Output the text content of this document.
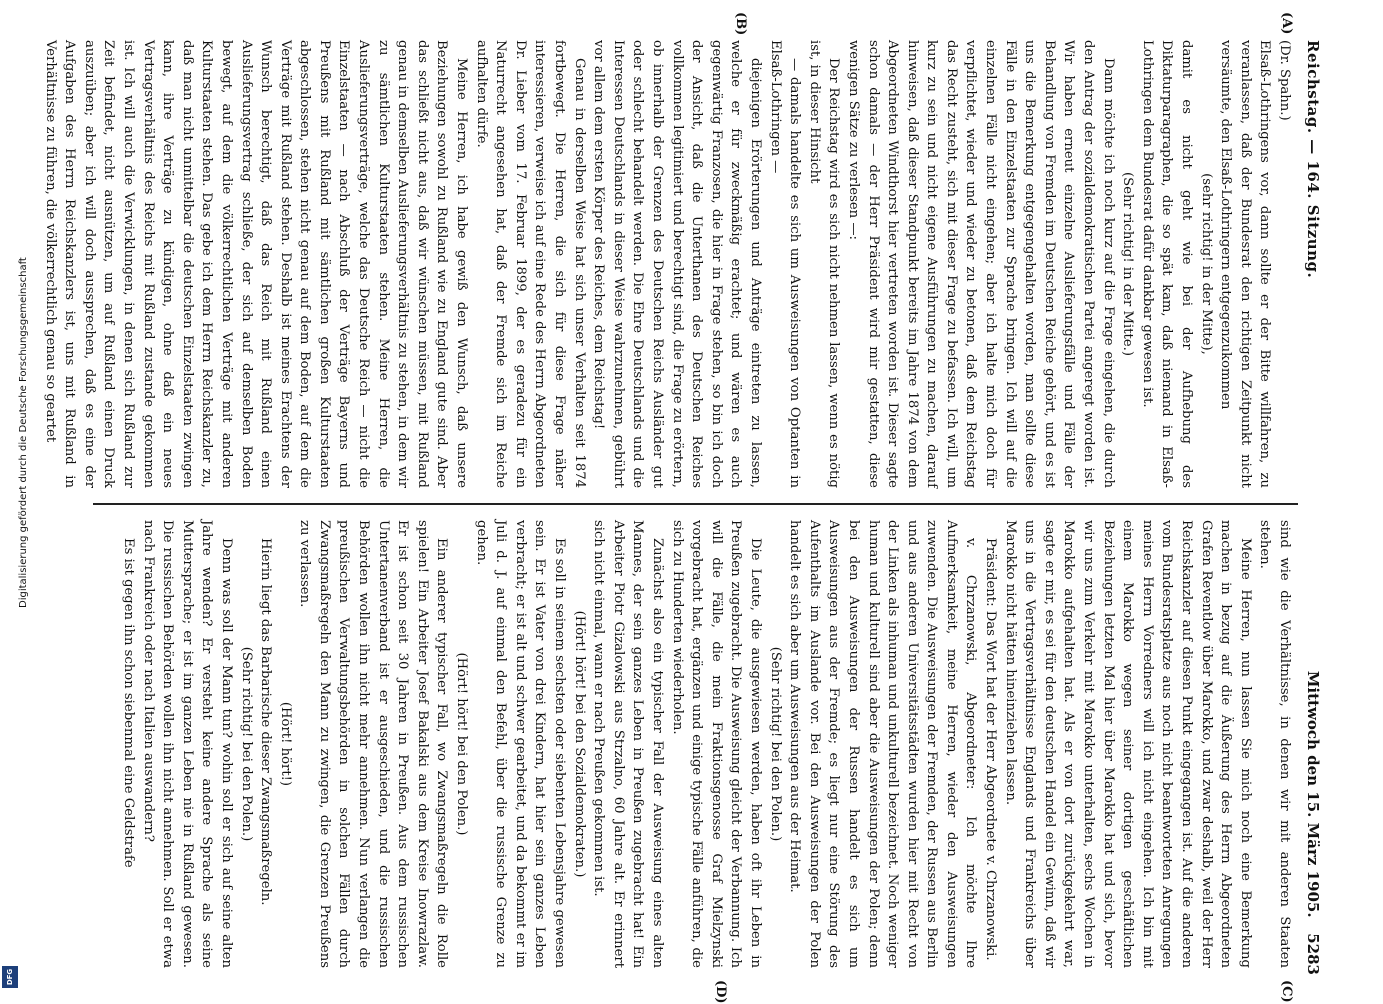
Digitalisierung gefördert durch die Deutsche Forschungsgemeinschaft
DFG
Reichstag. — 164. Sitzung.
Mittwoch den 15. März 1905.   5283
(A)
(B)
(C)
(D)

(Dr. Spahn.)

Elsaß-Lothringens vor, dann sollte er der Bitte willfahren, zu veranlassen, daß der Bundesrat den richtigen Zeitpunkt nicht versäumte, den Elsaß-Lothringern entgegenzukommen

(sehr richtig! in der Mitte),

damit es nicht geht wie bei der Aufhebung des Diktaturparagraphen, die so spät kam, daß niemand in Elsaß-Lothringen dem Bundesrat dafür dankbar gewesen ist.

(Sehr richtig! in der Mitte.)

Dann möchte ich noch kurz auf die Frage eingehen, die durch den Antrag der sozialdemokratischen Partei angeregt worden ist. Wir haben erneut einzelne Auslieferungsfälle und Fälle der Behandlung von Fremden im Deutschen Reiche gehört, und es ist uns die Bemerkung entgegengehalten worden, man sollte diese Fälle in den Einzelstaaten zur Sprache bringen. Ich will auf die einzelnen Fälle nicht eingehen; aber ich halte mich doch für verpflichtet, wieder und wieder zu betonen, daß dem Reichstag das Recht zusteht, sich mit dieser Frage zu befassen. Ich will, um kurz zu sein und nicht eigene Ausführungen zu machen, darauf hinweisen, daß dieser Standpunkt bereits im Jahre 1874 von dem Abgeordneten Windthorst hier vertreten worden ist. Dieser sagte schon damals — der Herr Präsident wird mir gestatten, diese wenigen Sätze zu verlesen —:

Der Reichstag wird es sich nicht nehmen lassen, wenn es nötig ist, in dieser Hinsicht

— damals handelte es sich um Ausweisungen von Optanten in Elsaß-Lothringen —

diejenigen Erörterungen und Anträge eintreten zu lassen, welche er für zweckmäßig erachtet; und wären es auch gegenwärtig Franzosen, die hier in Frage stehen, so bin ich doch der Ansicht, daß die Unterthanen des Deutschen Reiches vollkommen legitimiert und berechtigt sind, die Frage zu erörtern, ob innerhalb der Grenzen des Deutschen Reichs Ausländer gut oder schlecht behandelt werden. Die Ehre Deutschlands und die Interessen Deutschlands in dieser Weise wahrzunehmen, gebührt vor allem dem ersten Körper des Reiches, dem Reichstag!

Genau in derselben Weise hat sich unser Verhalten seit 1874 fortbewegt. Die Herren, die sich für diese Frage näher interessieren, verweise ich auf eine Rede des Herrn Abgeordneten Dr. Lieber vom 17. Februar 1899, der es geradezu für ein Naturrecht angesehen hat, daß der Fremde sich im Reiche aufhalten dürfe.

Meine Herren, ich habe gewiß den Wunsch, daß unsere Beziehungen sowohl zu Rußland wie zu England gute sind. Aber das schließt nicht aus, daß wir wünschen müssen, mit Rußland genau in demselben Auslieferungsverhältnis zu stehen, in dem wir zu sämtlichen Kulturstaaten stehen. Meine Herren, die Auslieferungsverträge, welche das Deutsche Reich — nicht die Einzelstaaten — nach Abschluß der Verträge Bayerns und Preußens mit Rußland mit sämtlichen großen Kulturstaaten abgeschlossen, stehen nicht genau auf dem Boden, auf dem die Verträge mit Rußland stehen. Deshalb ist meines Erachtens der Wunsch berechtigt, daß das Reich mit Rußland einen Auslieferungsvertrag schließe, der sich auf demselben Boden bewegt, auf dem die völkerrechtlichen Verträge mit anderen Kulturstaaten stehen. Das gebe ich dem Herrn Reichskanzler zu, daß man nicht unmittelbar die deutschen Einzelstaaten zwingen kann, ihre Verträge zu kündigen, ohne daß ein neues Vertragsverhältnis des Reichs mit Rußland zustande gekommen ist. Ich will auch die Verwicklungen, in denen sich Rußland zur Zeit befindet, nicht ausnützen, um auf Rußland einen Druck auszuüben; aber ich will doch aussprechen, daß es eine der Aufgaben des Herrn Reichskanzlers ist, uns mit Rußland in Verhältnisse zu führen, die völkerrechtlich genau so geartet

sind wie die Verhältnisse, in denen wir mit anderen Staaten stehen.

Meine Herren, nun lassen Sie mich noch eine Bemerkung machen in bezug auf die Äußerung des Herrn Abgeordneten Grafen Reventlow über Marokko, und zwar deshalb, weil der Herr Reichskanzler auf diesen Punkt eingegangen ist. Auf die anderen vom Bundesratsplatze aus noch nicht beantworteten Anregungen meines Herrn Vorredners will ich nicht eingehen. Ich bin mit einem Marokko wegen seiner dortigen geschäftlichen Beziehungen letzten Mal hier über Marokko hat und sich, bevor wir uns zum Verkehr mit Marokko unterhalten, sechs Wochen in Marokko aufgehalten hat. Als er von dort zurückgekehrt war, sagte er mir, es sei für den deutschen Handel ein Gewinn, daß wir uns in die Vertragsverhältnisse Englands und Frankreichs über Marokko nicht hätten hineinziehen lassen.

Präsident: Das Wort hat der Herr Abgeordnete v. Chrzanowski.

v. Chrzanowski, Abgeordneter: Ich möchte Ihre Aufmerksamkeit, meine Herren, wieder den Ausweisungen zuwenden. Die Ausweisungen der Fremden, der Russen aus Berlin und aus anderen Universitätsstädten wurden hier mit Recht von der Linken als inhuman und unkulturell bezeichnet. Noch weniger human und kulturell sind aber die Ausweisungen der Polen; denn bei den Ausweisungen der Russen handelt es sich um Ausweisungen aus der Fremde; es liegt nur eine Störung des Aufenthalts im Auslande vor. Bei den Ausweisungen der Polen handelt es sich aber um Ausweisungen aus der Heimat.

(Sehr richtig! bei den Polen.)

Die Leute, die ausgewiesen werden, haben oft ihr Leben in Preußen zugebracht. Die Ausweisung gleicht der Verbannung. Ich will die Fälle, die mein Fraktionsgenosse Graf Mielzynski vorgebracht hat, ergänzen und einige typische Fälle anführen, die sich zu Hunderten wiederholen.

Zunächst also ein typischer Fall der Ausweisung eines alten Mannes, der sein ganzes Leben in Preußen zugebracht hat! Ein Arbeiter Piotr Gizalowski aus Strzalno, 60 Jahre alt. Er erinnert sich nicht einmal, wann er nach Preußen gekommen ist.

(Hört! hört! bei den Sozialdemokraten.)

Es soll in seinem sechsten oder siebenten Lebensjahre gewesen sein. Er ist Vater von drei Kindern, hat hier sein ganzes Leben verbracht; er ist alt und schwer gearbeitet, und da bekommt er im Juli d. J. auf einmal den Befehl, über die russische Grenze zu gehen.

(Hört! hört! bei den Polen.)

Ein anderer typischer Fall, wo Zwangsmaßregeln die Rolle spielen! Ein Arbeiter Josef Bakalski aus dem Kreise Inowrazlaw. Er ist schon seit 30 Jahren in Preußen. Aus dem russischen Untertanenverband ist er ausgeschieden, und die russischen Behörden wollen ihn nicht mehr annehmen. Nun verlangen die preußischen Verwaltungsbehörden in solchen Fällen durch Zwangsmaßregeln den Mann zu zwingen, die Grenzen Preußens zu verlassen.

(Hört! hört!)

Hierin liegt das Barbarische dieser Zwangsmaßregeln.

(Sehr richtig! bei den Polen.)

Denn was soll der Mann tun? wohin soll er sich auf seine alten Jahre wenden? Er versteht keine andere Sprache als seine Muttersprache; er ist im ganzen Leben nie in Rußland gewesen. Die russischen Behörden wollen ihn nicht annehmen. Soll er etwa nach Frankreich oder nach Italien auswandern?

Es ist gegen ihn schon siebenmal eine Geldstrafe
